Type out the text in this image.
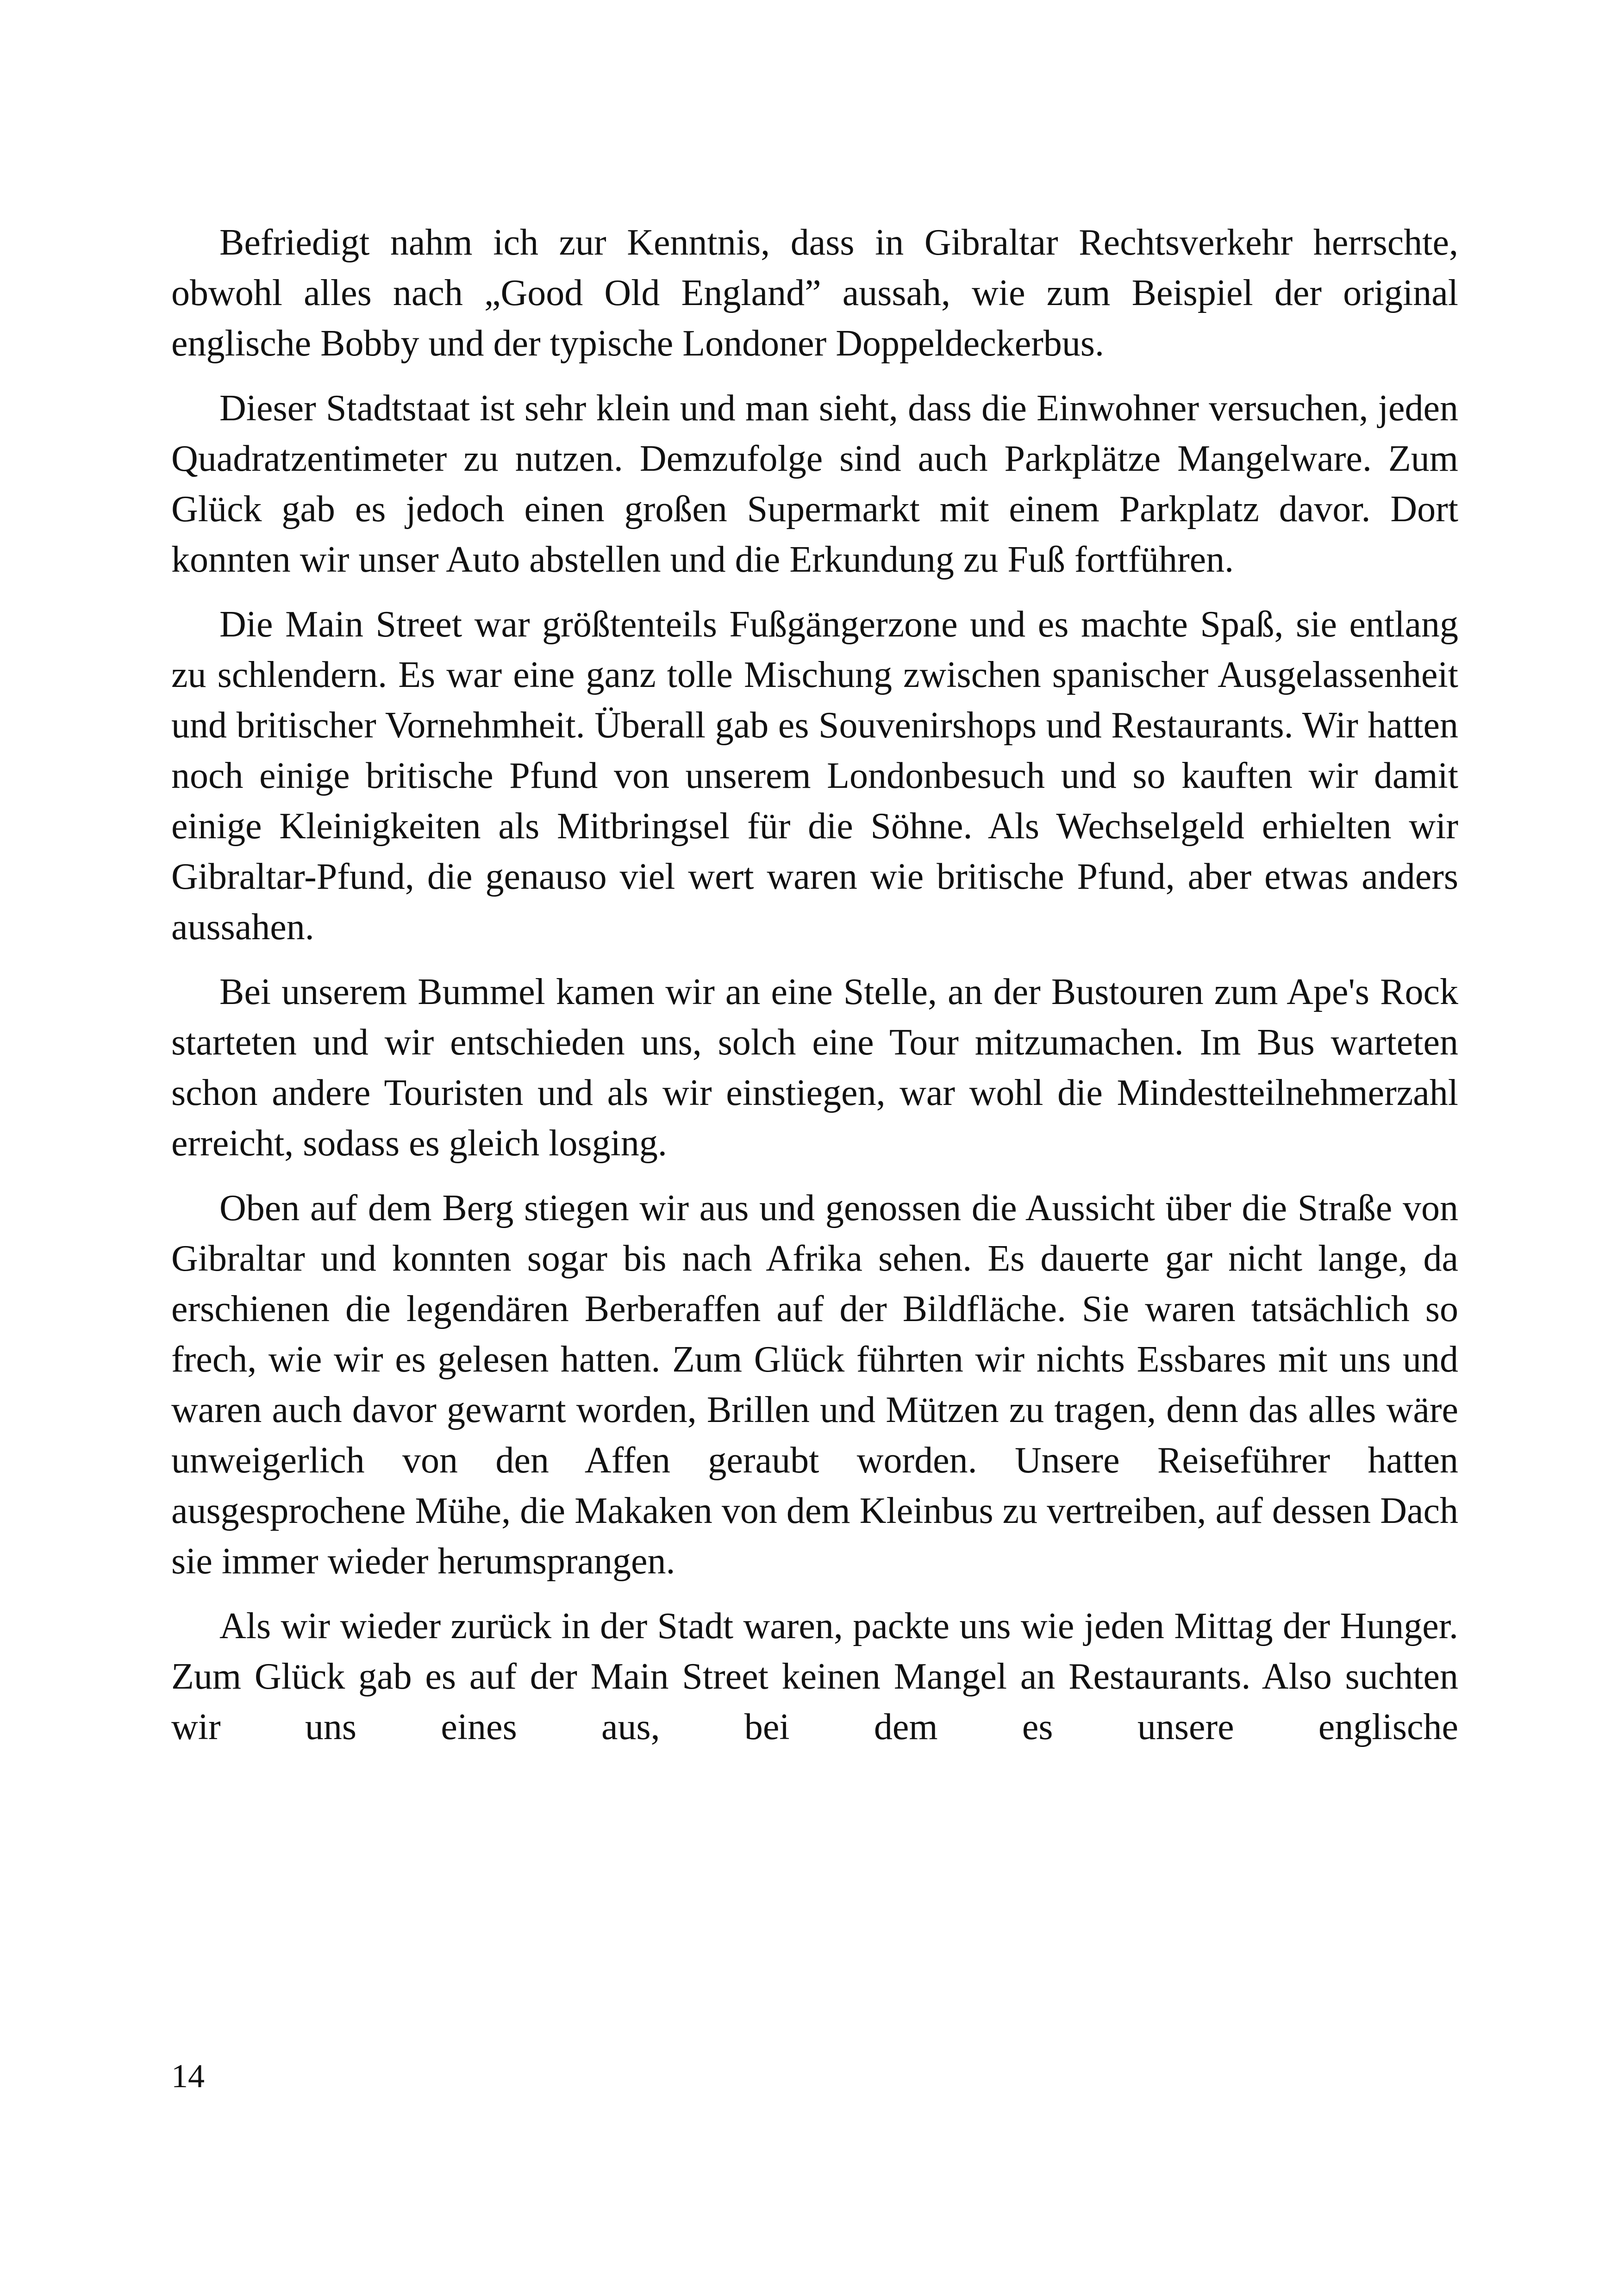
Befriedigt nahm ich zur Kenntnis, dass in Gibraltar Rechtsverkehr herrschte, obwohl alles nach „Good Old England” aussah, wie zum Beispiel der original englische Bobby und der typische Londoner Doppeldeckerbus.

Dieser Stadtstaat ist sehr klein und man sieht, dass die Einwohner versuchen, jeden Quadratzentimeter zu nutzen. Demzufolge sind auch Parkplätze Mangelware. Zum Glück gab es jedoch einen großen Supermarkt mit einem Parkplatz davor. Dort konnten wir unser Auto abstellen und die Erkundung zu Fuß fortführen.

Die Main Street war größtenteils Fußgängerzone und es machte Spaß, sie entlang zu schlendern. Es war eine ganz tolle Mischung zwischen spanischer Ausgelassenheit und britischer Vornehmheit. Überall gab es Souvenirshops und Restaurants. Wir hatten noch einige britische Pfund von unserem Londonbesuch und so kauften wir damit einige Kleinigkeiten als Mitbringsel für die Söhne. Als Wechselgeld erhielten wir Gibraltar-Pfund, die genauso viel wert waren wie britische Pfund, aber etwas anders aussahen.

Bei unserem Bummel kamen wir an eine Stelle, an der Bustouren zum Ape's Rock starteten und wir entschieden uns, solch eine Tour mitzumachen. Im Bus warteten schon andere Touristen und als wir einstiegen, war wohl die Mindestteilnehmerzahl erreicht, sodass es gleich losging.

Oben auf dem Berg stiegen wir aus und genossen die Aussicht über die Straße von Gibraltar und konnten sogar bis nach Afrika sehen. Es dauerte gar nicht lange, da erschienen die legendären Berberaffen auf der Bildfläche. Sie waren tatsächlich so frech, wie wir es gelesen hatten. Zum Glück führten wir nichts Essbares mit uns und waren auch davor gewarnt worden, Brillen und Mützen zu tragen, denn das alles wäre unweigerlich von den Affen geraubt worden. Unsere Reiseführer hatten ausgesprochene Mühe, die Makaken von dem Kleinbus zu vertreiben, auf dessen Dach sie immer wieder herumsprangen.

Als wir wieder zurück in der Stadt waren, packte uns wie jeden Mittag der Hunger. Zum Glück gab es auf der Main Street keinen Mangel an Restaurants. Also suchten wir uns eines aus, bei dem es unsere englische

14
